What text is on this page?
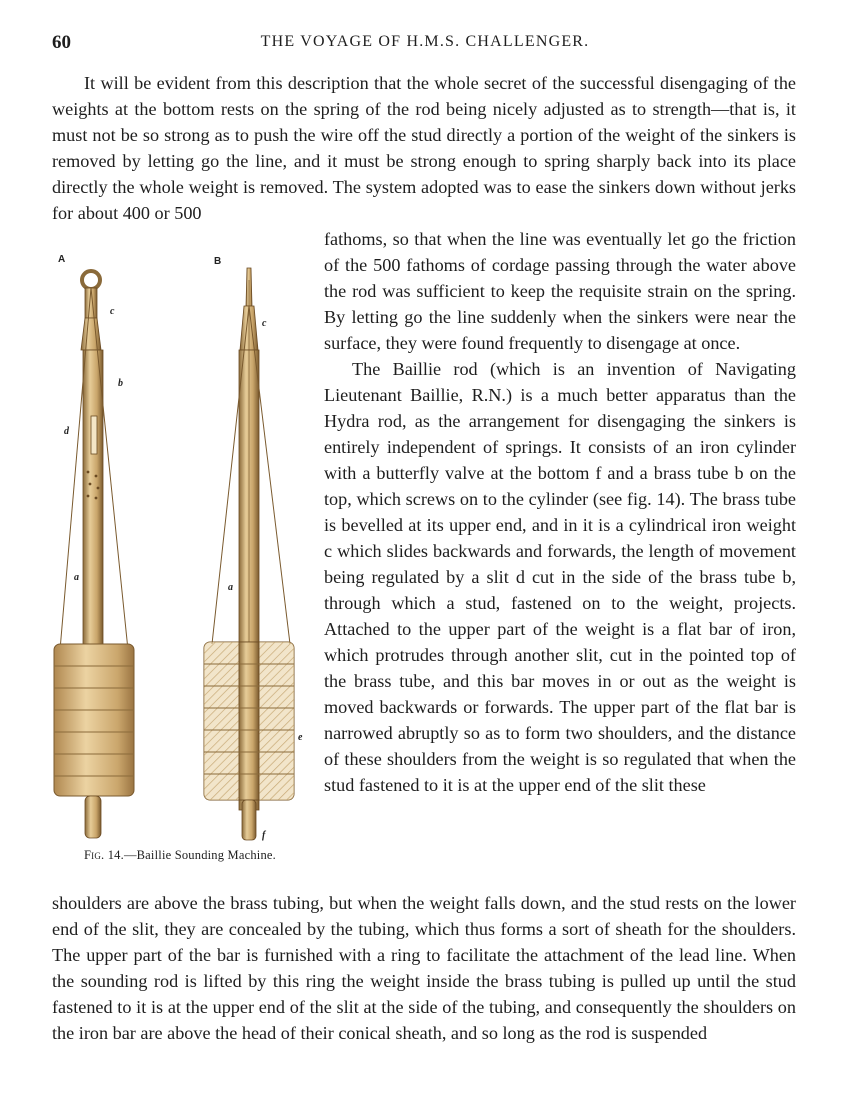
60	THE VOYAGE OF H.M.S. CHALLENGER.

It will be evident from this description that the whole secret of the successful disengaging of the weights at the bottom rests on the spring of the rod being nicely adjusted as to strength—that is, it must not be so strong as to push the wire off the stud directly a portion of the weight of the sinkers is removed by letting go the line, and it must be strong enough to spring sharply back into its place directly the whole weight is removed. The system adopted was to ease the sinkers down without jerks for about 400 or 500

A
c
b
d
a
B
c
a
e
f
Fig. 14.—Baillie Sounding Machine.

fathoms, so that when the line was eventually let go the friction of the 500 fathoms of cordage passing through the water above the rod was sufficient to keep the requisite strain on the spring. By letting go the line suddenly when the sinkers were near the surface, they were found frequently to disengage at once.

The Baillie rod (which is an invention of Navigating Lieutenant Baillie, R.N.) is a much better apparatus than the Hydra rod, as the arrangement for disengaging the sinkers is entirely independent of springs. It consists of an iron cylinder with a butterfly valve at the bottom f and a brass tube b on the top, which screws on to the cylinder (see fig. 14). The brass tube is bevelled at its upper end, and in it is a cylindrical iron weight c which slides backwards and forwards, the length of movement being regulated by a slit d cut in the side of the brass tube b, through which a stud, fastened on to the weight, projects. Attached to the upper part of the weight is a flat bar of iron, which protrudes through another slit, cut in the pointed top of the brass tube, and this bar moves in or out as the weight is moved backwards or forwards. The upper part of the flat bar is narrowed abruptly so as to form two shoulders, and the distance of these shoulders from the weight is so regulated that when the stud fastened to it is at the upper end of the slit these

shoulders are above the brass tubing, but when the weight falls down, and the stud rests on the lower end of the slit, they are concealed by the tubing, which thus forms a sort of sheath for the shoulders. The upper part of the bar is furnished with a ring to facilitate the attachment of the lead line. When the sounding rod is lifted by this ring the weight inside the brass tubing is pulled up until the stud fastened to it is at the upper end of the slit at the side of the tubing, and consequently the shoulders on the iron bar are above the head of their conical sheath, and so long as the rod is suspended
